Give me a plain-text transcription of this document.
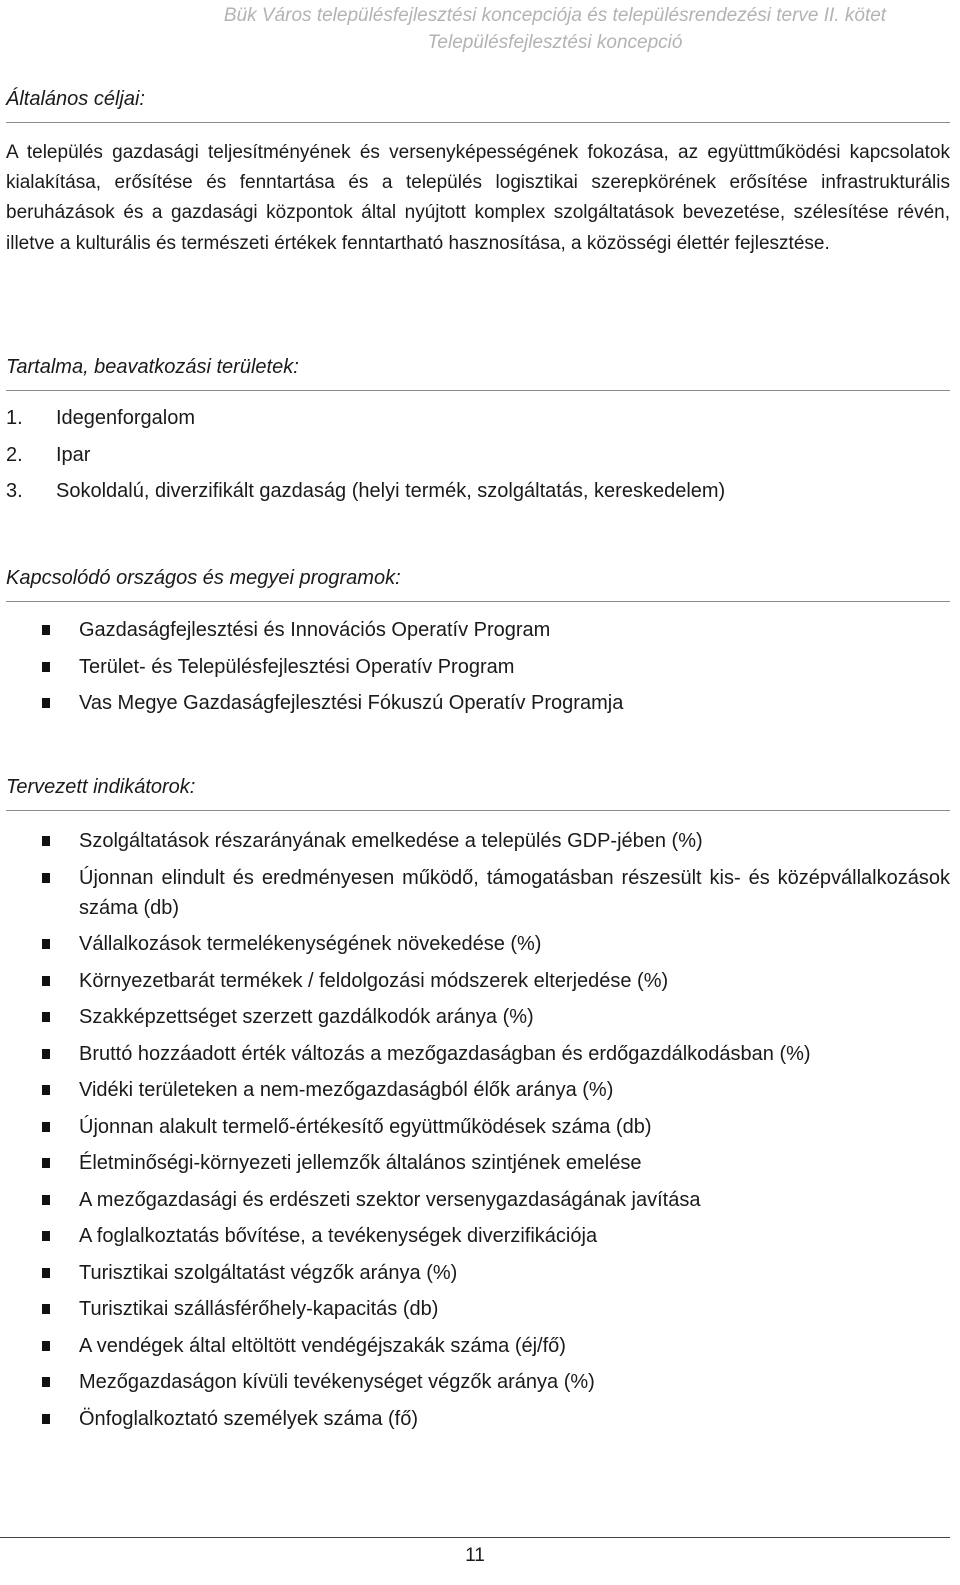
Bük Város településfejlesztési koncepciója és településrendezési terve II. kötet
Településfejlesztési koncepció
Általános céljai:
A település gazdasági teljesítményének és versenyképességének fokozása, az együttműködési kapcsolatok kialakítása, erősítése és fenntartása és a település logisztikai szerepkörének erősítése infrastrukturális beruházások és a gazdasági központok által nyújtott komplex szolgáltatások bevezetése, szélesítése révén, illetve a kulturális és természeti értékek fenntartható hasznosítása, a közösségi élettér fejlesztése.
Tartalma, beavatkozási területek:
1.	Idegenforgalom
2.	Ipar
3.	Sokoldalú, diverzifikált gazdaság (helyi termék, szolgáltatás, kereskedelem)
Kapcsolódó országos és megyei programok:
Gazdaságfejlesztési és Innovációs Operatív Program
Terület- és Településfejlesztési Operatív Program
Vas Megye Gazdaságfejlesztési Fókuszú Operatív Programja
Tervezett indikátorok:
Szolgáltatások részarányának emelkedése a település GDP-jében (%)
Újonnan elindult és eredményesen működő, támogatásban részesült kis- és középvállalkozások száma (db)
Vállalkozások termelékenységének növekedése (%)
Környezetbarát termékek / feldolgozási módszerek elterjedése (%)
Szakképzettséget szerzett gazdálkodók aránya (%)
Bruttó hozzáadott érték változás a mezőgazdaságban és erdőgazdálkodásban (%)
Vidéki területeken a nem-mezőgazdaságból élők aránya (%)
Újonnan alakult termelő-értékesítő együttműködések száma (db)
Életminőségi-környezeti jellemzők általános szintjének emelése
A mezőgazdasági és erdészeti szektor versenygazdaságának javítása
A foglalkoztatás bővítése, a tevékenységek diverzifikációja
Turisztikai szolgáltatást végzők aránya (%)
Turisztikai szállásférőhely-kapacitás (db)
A vendégek által eltöltött vendégéjszakák száma (éj/fő)
Mezőgazdaságon kívüli tevékenységet végzők aránya (%)
Önfoglalkoztató személyek száma (fő)
11
